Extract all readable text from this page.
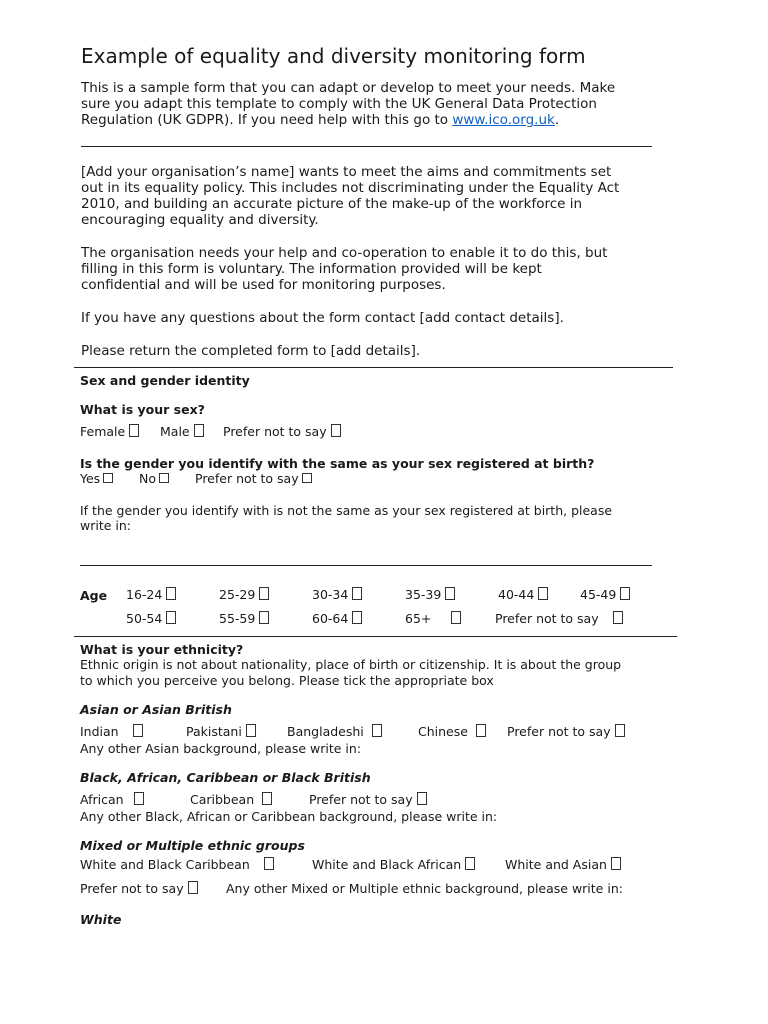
Example of equality and diversity monitoring form
This is a sample form that you can adapt or develop to meet your needs. Make
sure you adapt this template to comply with the UK General Data Protection
Regulation (UK GDPR). If you need help with this go to www.ico.org.uk.
[Add your organisation’s name] wants to meet the aims and commitments set
out in its equality policy. This includes not discriminating under the Equality Act
2010, and building an accurate picture of the make-up of the workforce in
encouraging equality and diversity.
The organisation needs your help and co-operation to enable it to do this, but
filling in this form is voluntary. The information provided will be kept
confidential and will be used for monitoring purposes.
If you have any questions about the form contact [add contact details].
Please return the completed form to [add details].
Sex and gender identity
What is your sex?
Female	Male	Prefer not to say
Is the gender you identify with the same as your sex registered at birth?
Yes	No	Prefer not to say
If the gender you identify with is not the same as your sex registered at birth, please
write in:
Age 16-24	25-29	30-34	35-39	40-44	45-49
50-54	55-59	60-64	65+	Prefer not to say
What is your ethnicity?
Ethnic origin is not about nationality, place of birth or citizenship. It is about the group
to which you perceive you belong. Please tick the appropriate box
Asian or Asian British
Indian	Pakistani	Bangladeshi	Chinese	Prefer not to say
Any other Asian background, please write in:
Black, African, Caribbean or Black British
African	Caribbean	Prefer not to say
Any other Black, African or Caribbean background, please write in:
Mixed or Multiple ethnic groups
White and Black Caribbean	White and Black African	White and Asian
Prefer not to say	Any other Mixed or Multiple ethnic background, please write in:
White
